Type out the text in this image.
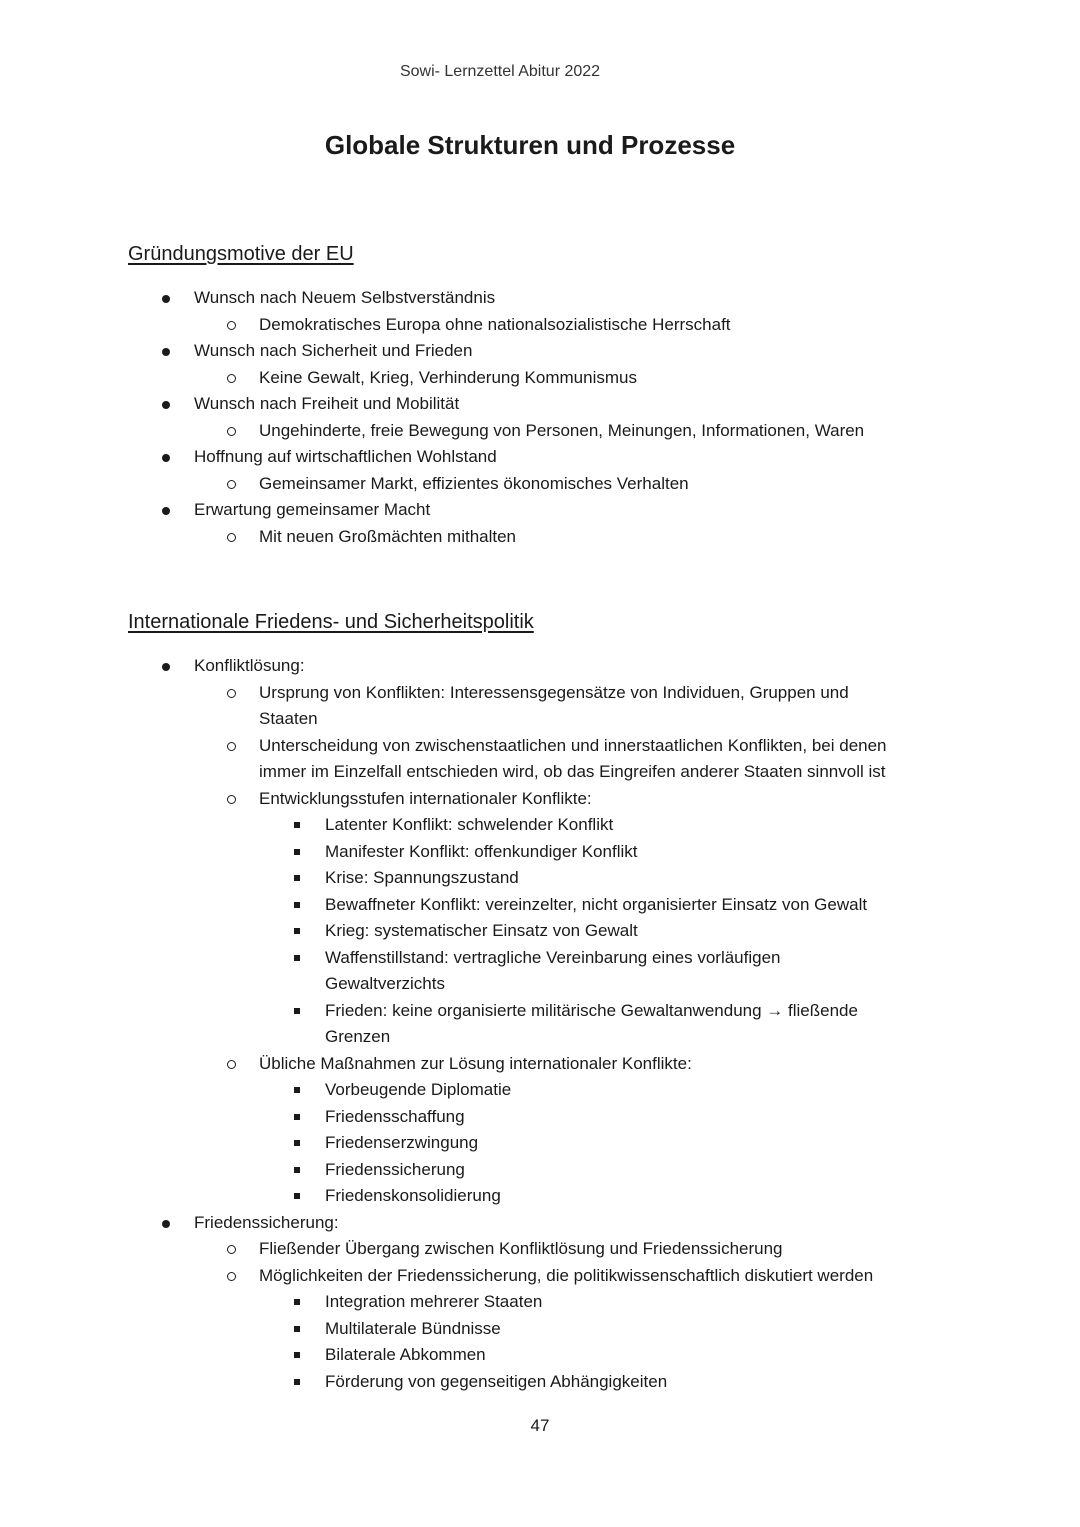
Sowi- Lernzettel Abitur 2022
Globale Strukturen und Prozesse
Gründungsmotive der EU
Wunsch nach Neuem Selbstverständnis
Demokratisches Europa ohne nationalsozialistische Herrschaft
Wunsch nach Sicherheit und Frieden
Keine Gewalt, Krieg, Verhinderung Kommunismus
Wunsch nach Freiheit und Mobilität
Ungehinderte, freie Bewegung von Personen, Meinungen, Informationen, Waren
Hoffnung auf wirtschaftlichen Wohlstand
Gemeinsamer Markt, effizientes ökonomisches Verhalten
Erwartung gemeinsamer Macht
Mit neuen Großmächten mithalten
Internationale Friedens- und Sicherheitspolitik
Konfliktlösung:
Ursprung von Konflikten: Interessensgegensätze von Individuen, Gruppen und
Staaten
Unterscheidung von zwischenstaatlichen und innerstaatlichen Konflikten, bei denen
immer im Einzelfall entschieden wird, ob das Eingreifen anderer Staaten sinnvoll ist
Entwicklungsstufen internationaler Konflikte:
Latenter Konflikt: schwelender Konflikt
Manifester Konflikt: offenkundiger Konflikt
Krise: Spannungszustand
Bewaffneter Konflikt: vereinzelter, nicht organisierter Einsatz von Gewalt
Krieg: systematischer Einsatz von Gewalt
Waffenstillstand: vertragliche Vereinbarung eines vorläufigen
Gewaltverzichts
Frieden: keine organisierte militärische Gewaltanwendung → fließende
Grenzen
Übliche Maßnahmen zur Lösung internationaler Konflikte:
Vorbeugende Diplomatie
Friedensschaffung
Friedenserzwingung
Friedenssicherung
Friedenskonsolidierung
Friedenssicherung:
Fließender Übergang zwischen Konfliktlösung und Friedenssicherung
Möglichkeiten der Friedenssicherung, die politikwissenschaftlich diskutiert werden
Integration mehrerer Staaten
Multilaterale Bündnisse
Bilaterale Abkommen
Förderung von gegenseitigen Abhängigkeiten
47
